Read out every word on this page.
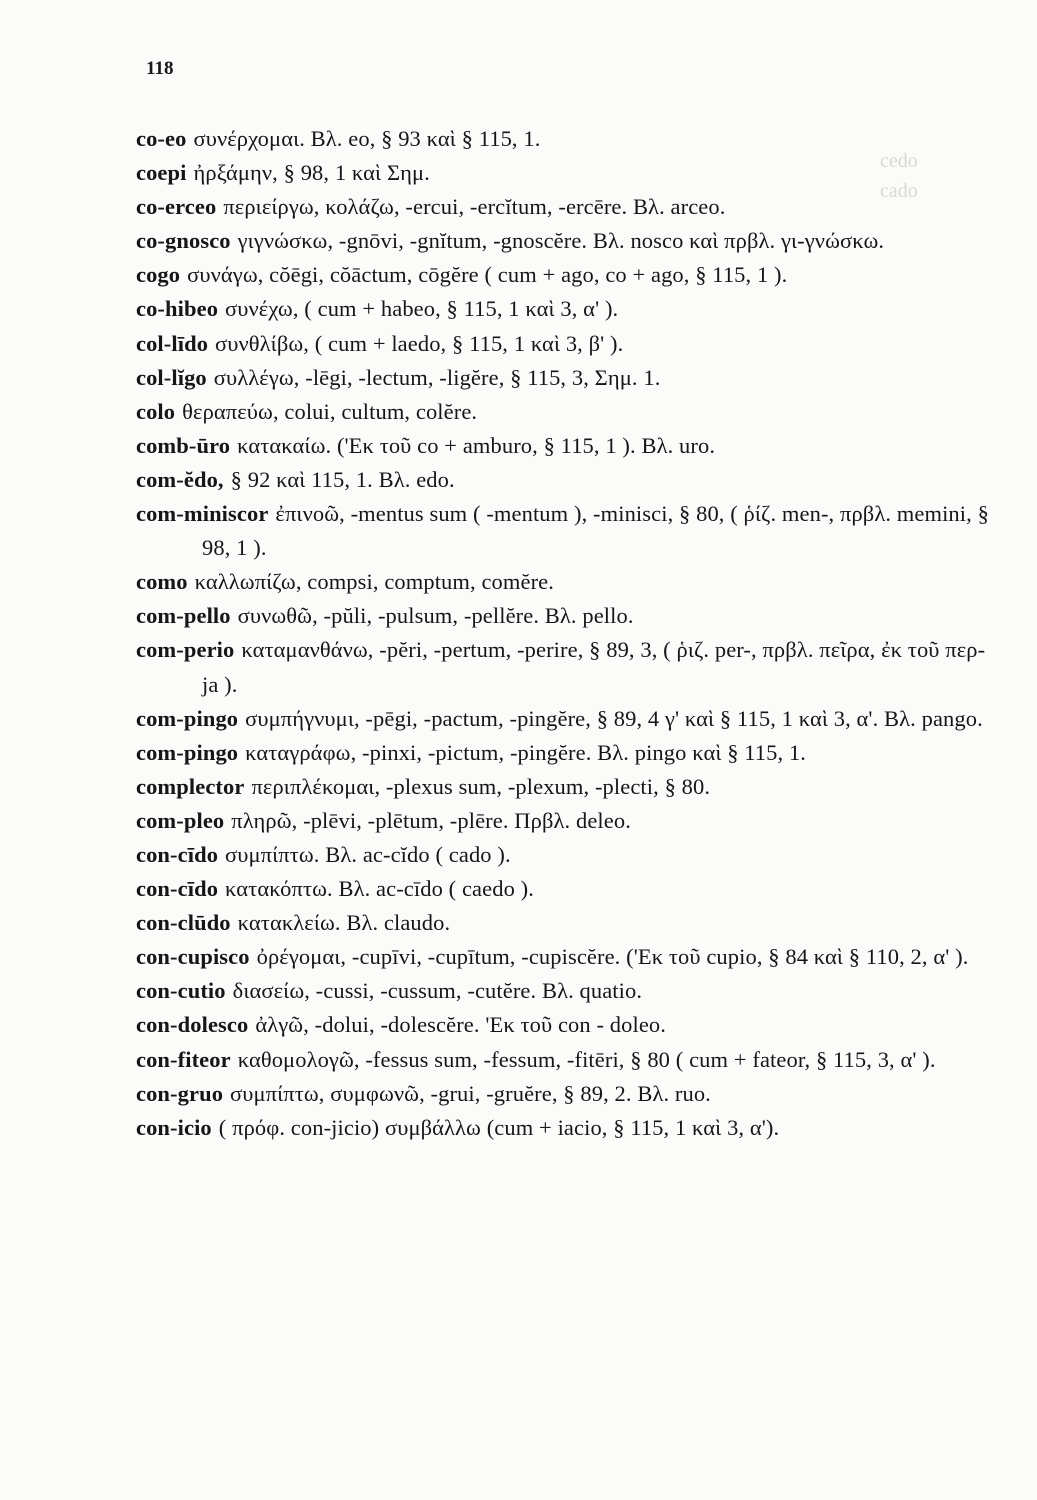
cedo
cado
118
co-eo συνέρχομαι. Βλ. eo, § 93 καὶ § 115, 1.
coepi ἠρξάμην, § 98, 1 καὶ Σημ.
co-erceo περιείργω, κολάζω, -ercui, -ercĭtum, -ercēre. Βλ. arceo.
co-gnosco γιγνώσκω, -gnōvi, -gnĭtum, -gnoscĕre. Βλ. nosco καὶ πρβλ. γι-γνώσκω.
cogo συνάγω, cŏēgi, cŏāctum, cōgĕre ( cum + ago, co + ago, § 115, 1 ).
co-hibeo συνέχω, ( cum + habeo, § 115, 1 καὶ 3, α' ).
col-līdo συνθλίβω, ( cum + laedo, § 115, 1 καὶ 3, β' ).
col-lĭgo συλλέγω, -lēgi, -lectum, -ligĕre, § 115, 3, Σημ. 1.
colo θεραπεύω, colui, cultum, colĕre.
comb-ūro κατακαίω. ('Εκ τοῦ co + amburo, § 115, 1 ). Βλ. uro.
com-ĕdo, § 92 καὶ 115, 1. Βλ. edo.
com-miniscor ἐπινοῶ, -mentus sum ( -mentum ), -minisci, § 80, ( ῥίζ. men-, πρβλ. memini, § 98, 1 ).
como καλλωπίζω, compsi, comptum, comĕre.
com-pello συνωθῶ, -pŭli, -pulsum, -pellĕre. Βλ. pello.
com-perio καταμανθάνω, -pĕri, -pertum, -perire, § 89, 3, ( ῥιζ. per-, πρβλ. πεῖρα, ἐκ τοῦ περ-ja ).
com-pingo συμπήγνυμι, -pēgi, -pactum, -pingĕre, § 89, 4 γ' καὶ § 115, 1 καὶ 3, α'. Βλ. pango.
com-pingo καταγράφω, -pinxi, -pictum, -pingĕre. Βλ. pingo καὶ § 115, 1.
complector περιπλέκομαι, -plexus sum, -plexum, -plecti, § 80.
com-pleo πληρῶ, -plēvi, -plētum, -plēre. Πρβλ. deleo.
con-cīdo συμπίπτω. Βλ. ac-cĭdo ( cado ).
con-cīdo κατακόπτω. Βλ. ac-cīdo ( caedo ).
con-clūdo κατακλείω. Βλ. claudo.
con-cupisco ὀρέγομαι, -cupīvi, -cupītum, -cupiscĕre. ('Εκ τοῦ cupio, § 84 καὶ § 110, 2, α' ).
con-cutio διασείω, -cussi, -cussum, -cutĕre. Βλ. quatio.
con-dolesco ἀλγῶ, -dolui, -dolescĕre. 'Εκ τοῦ con - doleo.
con-fiteor καθομολογῶ, -fessus sum, -fessum, -fitēri, § 80 ( cum + fateor, § 115, 3, α' ).
con-gruo συμπίπτω, συμφωνῶ, -grui, -gruĕre, § 89, 2. Βλ. ruo.
con-icio ( πρόφ. con-jicio) συμβάλλω (cum + iacio, § 115, 1 καὶ 3, α').
